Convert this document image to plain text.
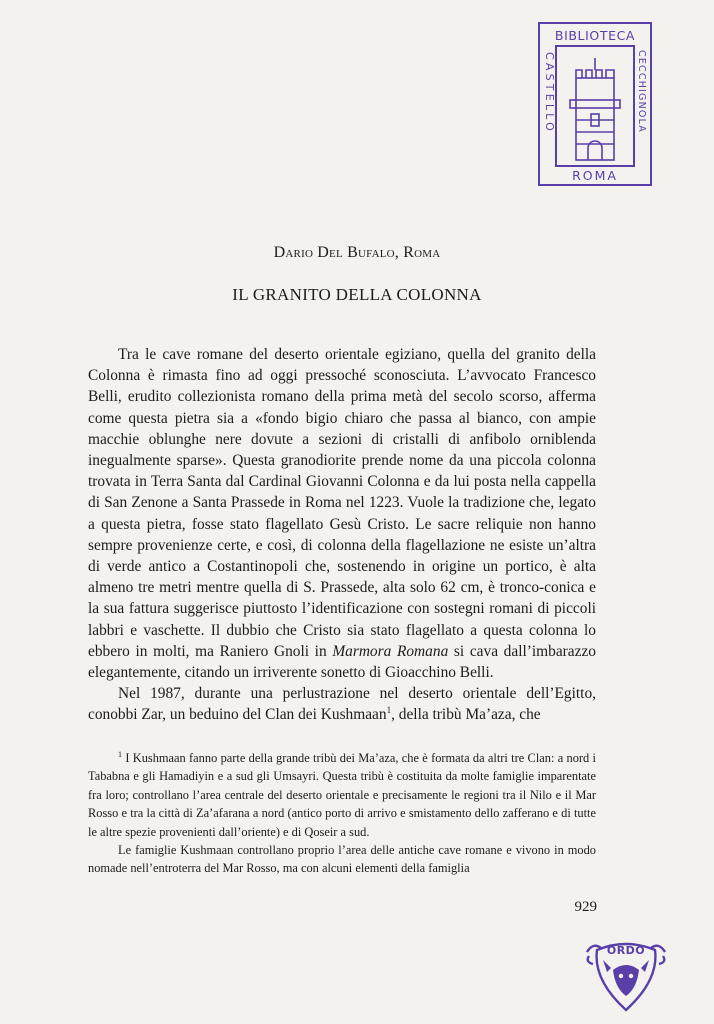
BIBLIOTECA
ROMA
CASTELLO	CECCHIGNOLA
Dario Del Bufalo, Roma
IL GRANITO DELLA COLONNA

Tra le cave romane del deserto orientale egiziano, quella del granito della Colonna è rimasta fino ad oggi pressoché sconosciuta. L’avvocato Francesco Belli, erudito collezionista romano della prima metà del secolo scorso, afferma come questa pietra sia a «fondo bigio chiaro che passa al bianco, con ampie macchie oblunghe nere dovute a sezioni di cristalli di anfibolo orniblenda inegualmente sparse». Questa granodiorite prende nome da una piccola colonna trovata in Terra Santa dal Cardinal Giovanni Colonna e da lui posta nella cappella di San Zenone a Santa Prassede in Roma nel 1223. Vuole la tradizione che, legato a questa pietra, fosse stato flagellato Gesù Cristo. Le sacre reliquie non hanno sempre provenienze certe, e così, di colonna della flagellazione ne esiste un’altra di verde antico a Costantinopoli che, sostenendo in origine un portico, è alta almeno tre metri mentre quella di S. Prassede, alta solo 62 cm, è tronco-conica e la sua fattura suggerisce piuttosto l’identificazione con sostegni romani di piccoli labbri e vaschette. Il dubbio che Cristo sia stato flagellato a questa colonna lo ebbero in molti, ma Raniero Gnoli in Marmora Romana si cava dall’imbarazzo elegantemente, citando un irriverente sonetto di Gioacchino Belli.

Nel 1987, durante una perlustrazione nel deserto orientale dell’Egitto, conobbi Zar, un beduino del Clan dei Kushmaan$^1$, della tribù Ma’aza, che

$^1$ I Kushmaan fanno parte della grande tribù dei Ma’aza, che è formata da altri tre Clan: a nord i Tababna e gli Hamadiyin e a sud gli Umsayri. Questa tribù è costituita da molte famiglie imparentate fra loro; controllano l’area centrale del deserto orientale e precisamente le regioni tra il Nilo e il Mar Rosso e tra la città di Za’afarana a nord (antico porto di arrivo e smistamento dello zafferano e di tutte le altre spezie provenienti dall’oriente) e di Qoseir a sud.

Le famiglie Kushmaan controllano proprio l’area delle antiche cave romane e vivono in modo nomade nell’entroterra del Mar Rosso, ma con alcuni elementi della famiglia

929
ORDO
